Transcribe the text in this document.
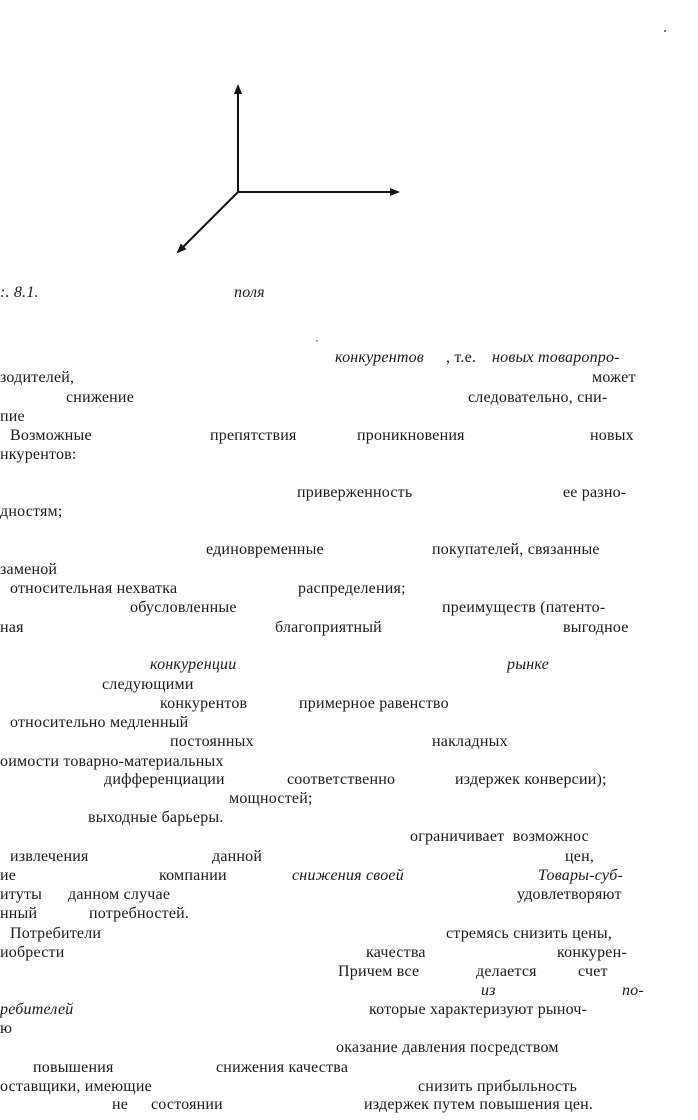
:. 8.1.	поля
конкурентов , т.е. новых товаропро-
зодителей,	может
снижение	следовательно, сни-
пие
Возможные	препятствия	проникновения	новых
нкурентов:
приверженность	ее разно-
дностям;
единовременные	покупателей, связанные
заменой
относительная нехватка	распределения;
обусловленные	преимуществ (патенто-
ная	благоприятный	выгодное
конкуренции	рынке
следующими
конкурентов	примерное равенство
относительно медленный
постоянных	накладных
оимости товарно-материальных
дифференциации	соответственно	издержек конверсии);
мощностей;
выходные барьеры.
ограничивает  возможнос
извлечения	данной	цен,
ие	компании	снижения своей	Товары-суб-
итуты данном случае	удовлетворяют
нный	потребностей.
Потребители	стремясь снизить цены,
иобрести	качества	конкурен-
Причем все	делается	счет
из	по-
ребителей	которые характеризуют рыноч-
ю
оказание давления посредством
повышения	снижения качества
оставщики, имеющие	снизить прибыльность
не состоянии	издержек путем повышения цен.
